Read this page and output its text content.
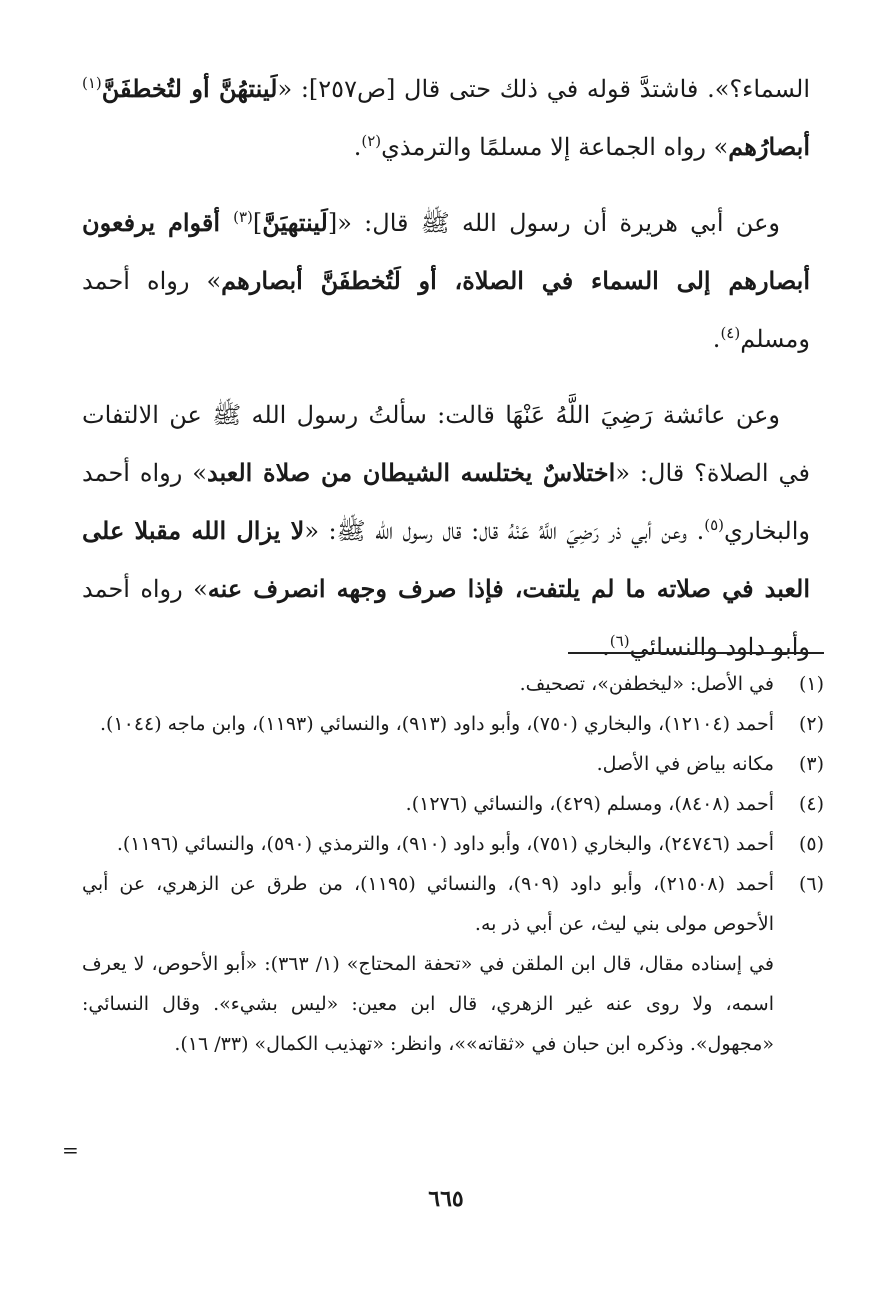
السماء؟». فاشتدَّ قوله في ذلك حتى قال [ص٢٥٧]: «لَينتهُنَّ أو لتُخطفَنَّ$^{(١)}$ أبصارُهم» رواه الجماعة إلا مسلمًا والترمذي$^{(٢)}$.

وعن أبي هريرة أن رسول الله ﷺ قال: «[لَينتهيَنَّ]$^{(٣)}$ أقوام يرفعون أبصارهم إلى السماء في الصلاة، أو لَتُخطفَنَّ أبصارهم» رواه أحمد ومسلم$^{(٤)}$.

وعن عائشة رَضِيَ اللَّهُ عَنْهَا قالت: سألتُ رسول الله ﷺ عن الالتفات في الصلاة؟ قال: «اختلاسٌ يختلسه الشيطان من صلاة العبد» رواه أحمد والبخاري$^{(٥)}$. وعن أبي ذر رَضِيَ اللَّهُ عَنْهُ قال: قال رسول الله ﷺ: «لا يزال الله مقبلا على العبد في صلاته ما لم يلتفت، فإذا صرف وجهه انصرف عنه» رواه أحمد وأبو داود والنسائي$^{(٦)}$.

(١)
في الأصل: «ليخطفن»، تصحيف.
(٢)
أحمد (١٢١٠٤)، والبخاري (٧٥٠)، وأبو داود (٩١٣)، والنسائي (١١٩٣)، وابن ماجه (١٠٤٤).
(٣)
مكانه بياض في الأصل.
(٤)
أحمد (٨٤٠٨)، ومسلم (٤٢٩)، والنسائي (١٢٧٦).
(٥)
أحمد (٢٤٧٤٦)، والبخاري (٧٥١)، وأبو داود (٩١٠)، والترمذي (٥٩٠)، والنسائي (١١٩٦).
(٦)
أحمد (٢١٥٠٨)، وأبو داود (٩٠٩)، والنسائي (١١٩٥)، من طرق عن الزهري، عن أبي الأحوص مولى بني ليث، عن أبي ذر به.
في إسناده مقال، قال ابن الملقن في «تحفة المحتاج» (١/ ٣٦٣): «أبو الأحوص، لا يعرف اسمه، ولا روى عنه غير الزهري، قال ابن معين: «ليس بشيء». وقال النسائي: «مجهول». وذكره ابن حبان في «ثقاته»»، وانظر: «تهذيب الكمال» (٣٣/ ١٦).
=
٦٦٥
